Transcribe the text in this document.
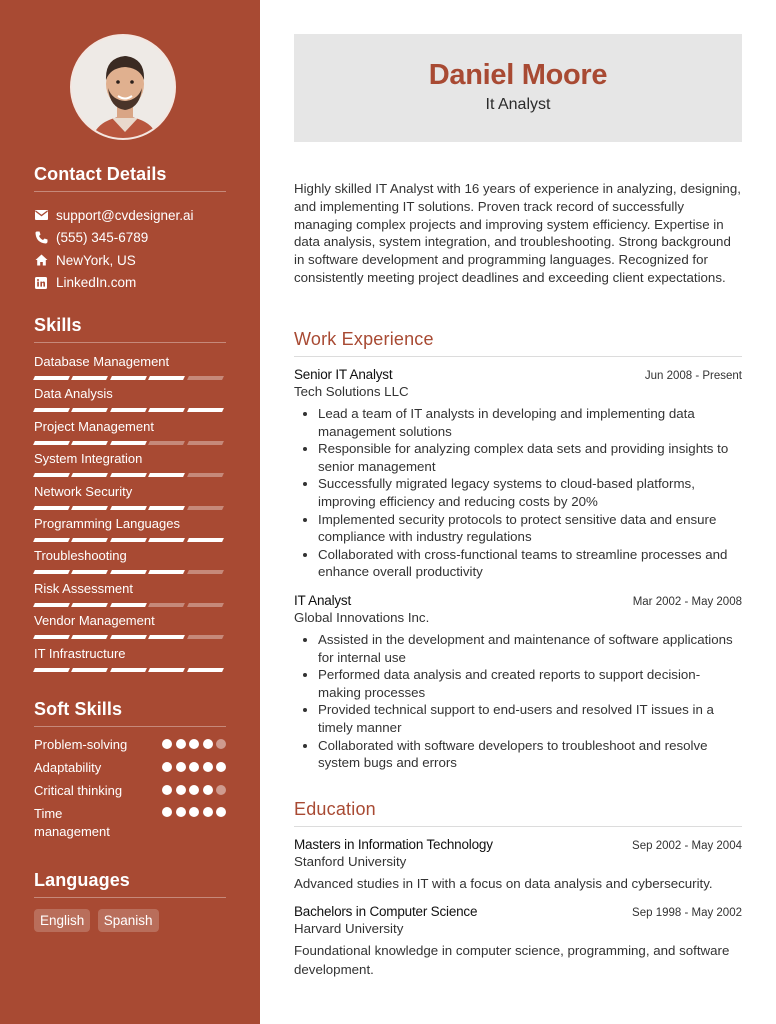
Contact Details
support@cvdesigner.ai
(555) 345-6789
NewYork, US
LinkedIn.com
Skills
Database Management
Data Analysis
Project Management
System Integration
Network Security
Programming Languages
Troubleshooting
Risk Assessment
Vendor Management
IT Infrastructure
Soft Skills
Problem-solving
Adaptability
Critical thinking
Time management
Languages
English Spanish
Daniel Moore
It Analyst
Highly skilled IT Analyst with 16 years of experience in analyzing, designing, and implementing IT solutions. Proven track record of successfully managing complex projects and improving system efficiency. Expertise in data analysis, system integration, and troubleshooting. Strong background in software development and programming languages. Recognized for consistently meeting project deadlines and exceeding client expectations.
Work Experience
Senior IT Analyst	Jun 2008 - Present
Tech Solutions LLC
• Lead a team of IT analysts in developing and implementing data management solutions
• Responsible for analyzing complex data sets and providing insights to senior management
• Successfully migrated legacy systems to cloud-based platforms, improving efficiency and reducing costs by 20%
• Implemented security protocols to protect sensitive data and ensure compliance with industry regulations
• Collaborated with cross-functional teams to streamline processes and enhance overall productivity
IT Analyst	Mar 2002 - May 2008
Global Innovations Inc.
• Assisted in the development and maintenance of software applications for internal use
• Performed data analysis and created reports to support decision-making processes
• Provided technical support to end-users and resolved IT issues in a timely manner
• Collaborated with software developers to troubleshoot and resolve system bugs and errors
Education
Masters in Information Technology	Sep 2002 - May 2004
Stanford University
Advanced studies in IT with a focus on data analysis and cybersecurity.
Bachelors in Computer Science	Sep 1998 - May 2002
Harvard University
Foundational knowledge in computer science, programming, and software development.
